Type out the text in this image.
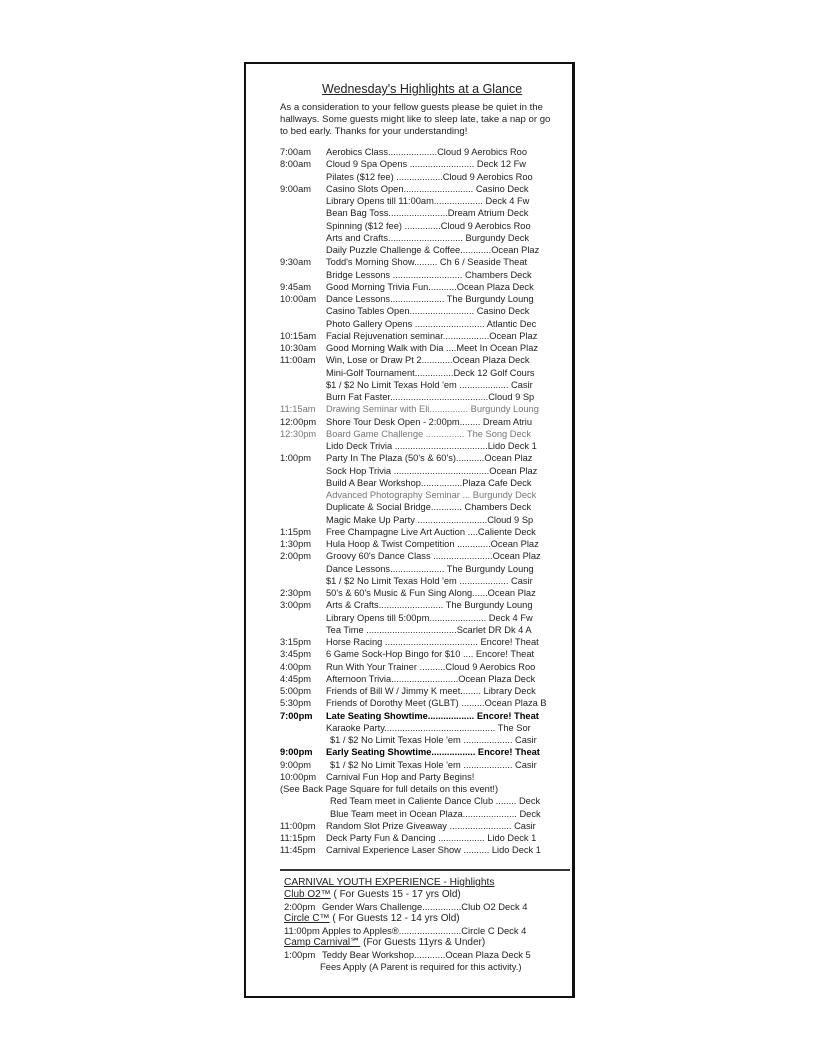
Wednesday's Highlights at a Glance
As a consideration to your fellow guests please be quiet in the hallways. Some guests might like to sleep late, take a nap or go to bed early. Thanks for your understanding!
7:00am Aerobics Class...................Cloud 9 Aerobics Roo
8:00am Cloud 9 Spa Opens ......................... Deck 12 Fw
Pilates ($12 fee) ..................Cloud 9 Aerobics Roo
9:00am Casino Slots Open........................... Casino Deck
Library Opens till 11:00am................... Deck 4 Fw
Bean Bag Toss.......................Dream Atrium Deck
Spinning ($12 fee) ..............Cloud 9 Aerobics Roo
Arts and Crafts............................. Burgundy Deck
Daily Puzzle Challenge & Coffee............Ocean Plaz
9:30am Todd's Morning Show......... Ch 6 / Seaside Theat
Bridge Lessons ........................... Chambers Deck
9:45am Good Morning Trivia Fun...........Ocean Plaza Deck
10:00am Dance Lessons..................... The Burgundy Loung
Casino Tables Open......................... Casino Deck
Photo Gallery Opens ........................... Atlantic Dec
10:15am Facial Rejuvenation seminar..................Ocean Plaz
10:30am Good Morning Walk with Dia ....Meet In Ocean Plaz
11:00am Win, Lose or Draw Pt 2............Ocean Plaza Deck
Mini-Golf Tournament...............Deck 12 Golf Cours
$1 / $2 No Limit Texas Hold 'em ................... Casir
Burn Fat Faster......................................Cloud 9 Sp
11:15am Drawing Seminar with Eli............... Burgundy Loung
12:00pm Shore Tour Desk Open - 2:00pm........ Dream Atriu
12:30pm Board Game Challenge ............... The Song Deck
Lido Deck Trivia ....................................Lido Deck 1
1:00pm Party In The Plaza (50's & 60's)...........Ocean Plaz
Sock Hop Trivia .....................................Ocean Plaz
Build A Bear Workshop................Plaza Cafe Deck
Advanced Photography Seminar ... Burgundy Deck
Duplicate & Social Bridge............ Chambers Deck
Magic Make Up Party ...........................Cloud 9 Sp
1:15pm Free Champagne Live Art Auction ....Caliente Deck
1:30pm Hula Hoop & Twist Competition .............Ocean Plaz
2:00pm Groovy 60's Dance Class .......................Ocean Plaz
Dance Lessons..................... The Burgundy Loung
$1 / $2 No Limit Texas Hold 'em ................... Casir
2:30pm 50's & 60's Music & Fun Sing Along......Ocean Plaz
3:00pm Arts & Crafts......................... The Burgundy Loung
Library Opens till 5:00pm...................... Deck 4 Fw
Tea Time ...................................Scarlet DR Dk 4 A
3:15pm Horse Racing .................................... Encore! Theat
3:45pm 6 Game Sock-Hop Bingo for $10 .... Encore! Theat
4:00pm Run With Your Trainer ..........Cloud 9 Aerobics Roo
4:45pm Afternoon Trivia..........................Ocean Plaza Deck
5:00pm Friends of Bill W / Jimmy K meet........ Library Deck
5:30pm Friends of Dorothy Meet (GLBT) .........Ocean Plaza B
7:00pm Late Seating Showtime.................. Encore! Theat
Karaoke Party........................................... The Sor
$1 / $2 No Limit Texas Hole 'em ................... Casir
9:00pm Early Seating Showtime................. Encore! Theat
9:00pm $1 / $2 No Limit Texas Hole 'em ................... Casir
10:00pm Carnival Fun Hop and Party Begins!
(See Back Page Square for full details on this event!)
Red Team meet in Caliente Dance Club ........ Deck
Blue Team meet in Ocean Plaza..................... Deck
11:00pm Random Slot Prize Giveaway ........................ Casir
11:15pm Deck Party Fun & Dancing .................. Lido Deck 1
11:45pm Carnival Experience Laser Show .......... Lido Deck 1
CARNIVAL YOUTH EXPERIENCE - Highlights
Club O2™ ( For Guests 15 - 17 yrs Old)
2:00pm Gender Wars Challenge...............Club O2 Deck 4
Circle C™ ( For Guests 12 - 14 yrs Old)
11:00pm Apples to Apples®........................Circle C Deck 4
Camp Carnival℠ (For Guests 11yrs & Under)
1:00pm Teddy Bear Workshop............Ocean Plaza Deck 5
Fees Apply (A Parent is required for this activity.)
